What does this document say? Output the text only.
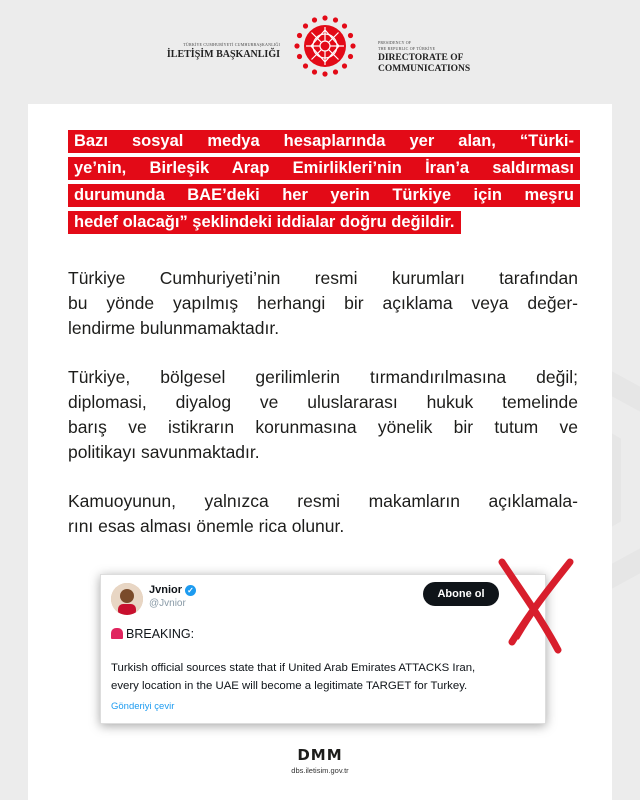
TÜRKİYE CUMHURİYETİ CUMHURBAŞKANLIĞI
İLETİŞİM BAŞKANLIĞI
PRESIDENCY OF
THE REPUBLIC OF TÜRKİYE
DIRECTORATE OF
COMMUNICATIONS
Bazı sosyal medya hesaplarında yer alan, “Türki-
ye’nin, Birleşik Arap Emirlikleri’nin İran’a saldırması
durumunda BAE’deki her yerin Türkiye için meşru
hedef olacağı” şeklindeki iddialar doğru değildir.
Türkiye Cumhuriyeti’nin resmi kurumları tarafından
bu yönde yapılmış herhangi bir açıklama veya değer-
lendirme bulunmamaktadır.
Türkiye, bölgesel gerilimlerin tırmandırılmasına değil;
diplomasi, diyalog ve uluslararası hukuk temelinde
barış ve istikrarın korunmasına yönelik bir tutum ve
politikayı savunmaktadır.
Kamuoyunun, yalnızca resmi makamların açıklamala-
rını esas alması önemle rica olunur.
Jvnior ✓
@Jvnior
Abone ol
BREAKING:
Turkish official sources state that if United Arab Emirates ATTACKS Iran,
every location in the UAE will become a legitimate TARGET for Turkey.
Gönderiyi çevir
DMM
dbs.iletisim.gov.tr
